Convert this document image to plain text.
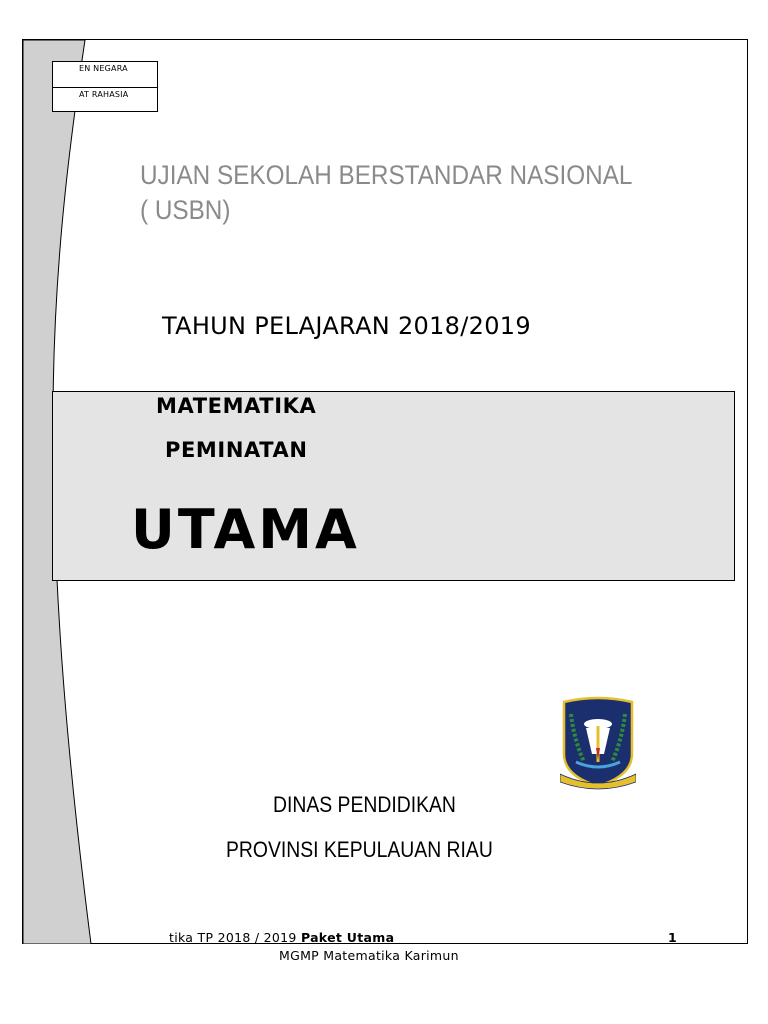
EN NEGARA
AT RAHASIA
UJIAN SEKOLAH BERSTANDAR NASIONAL
( USBN)
TAHUN PELAJARAN 2018/2019
MATEMATIKA
PEMINATAN
UTAMA
DINAS PENDIDIKAN
PROVINSI KEPULAUAN RIAU
tika TP 2018 / 2019 Paket Utama	1
MGMP Matematika Karimun
